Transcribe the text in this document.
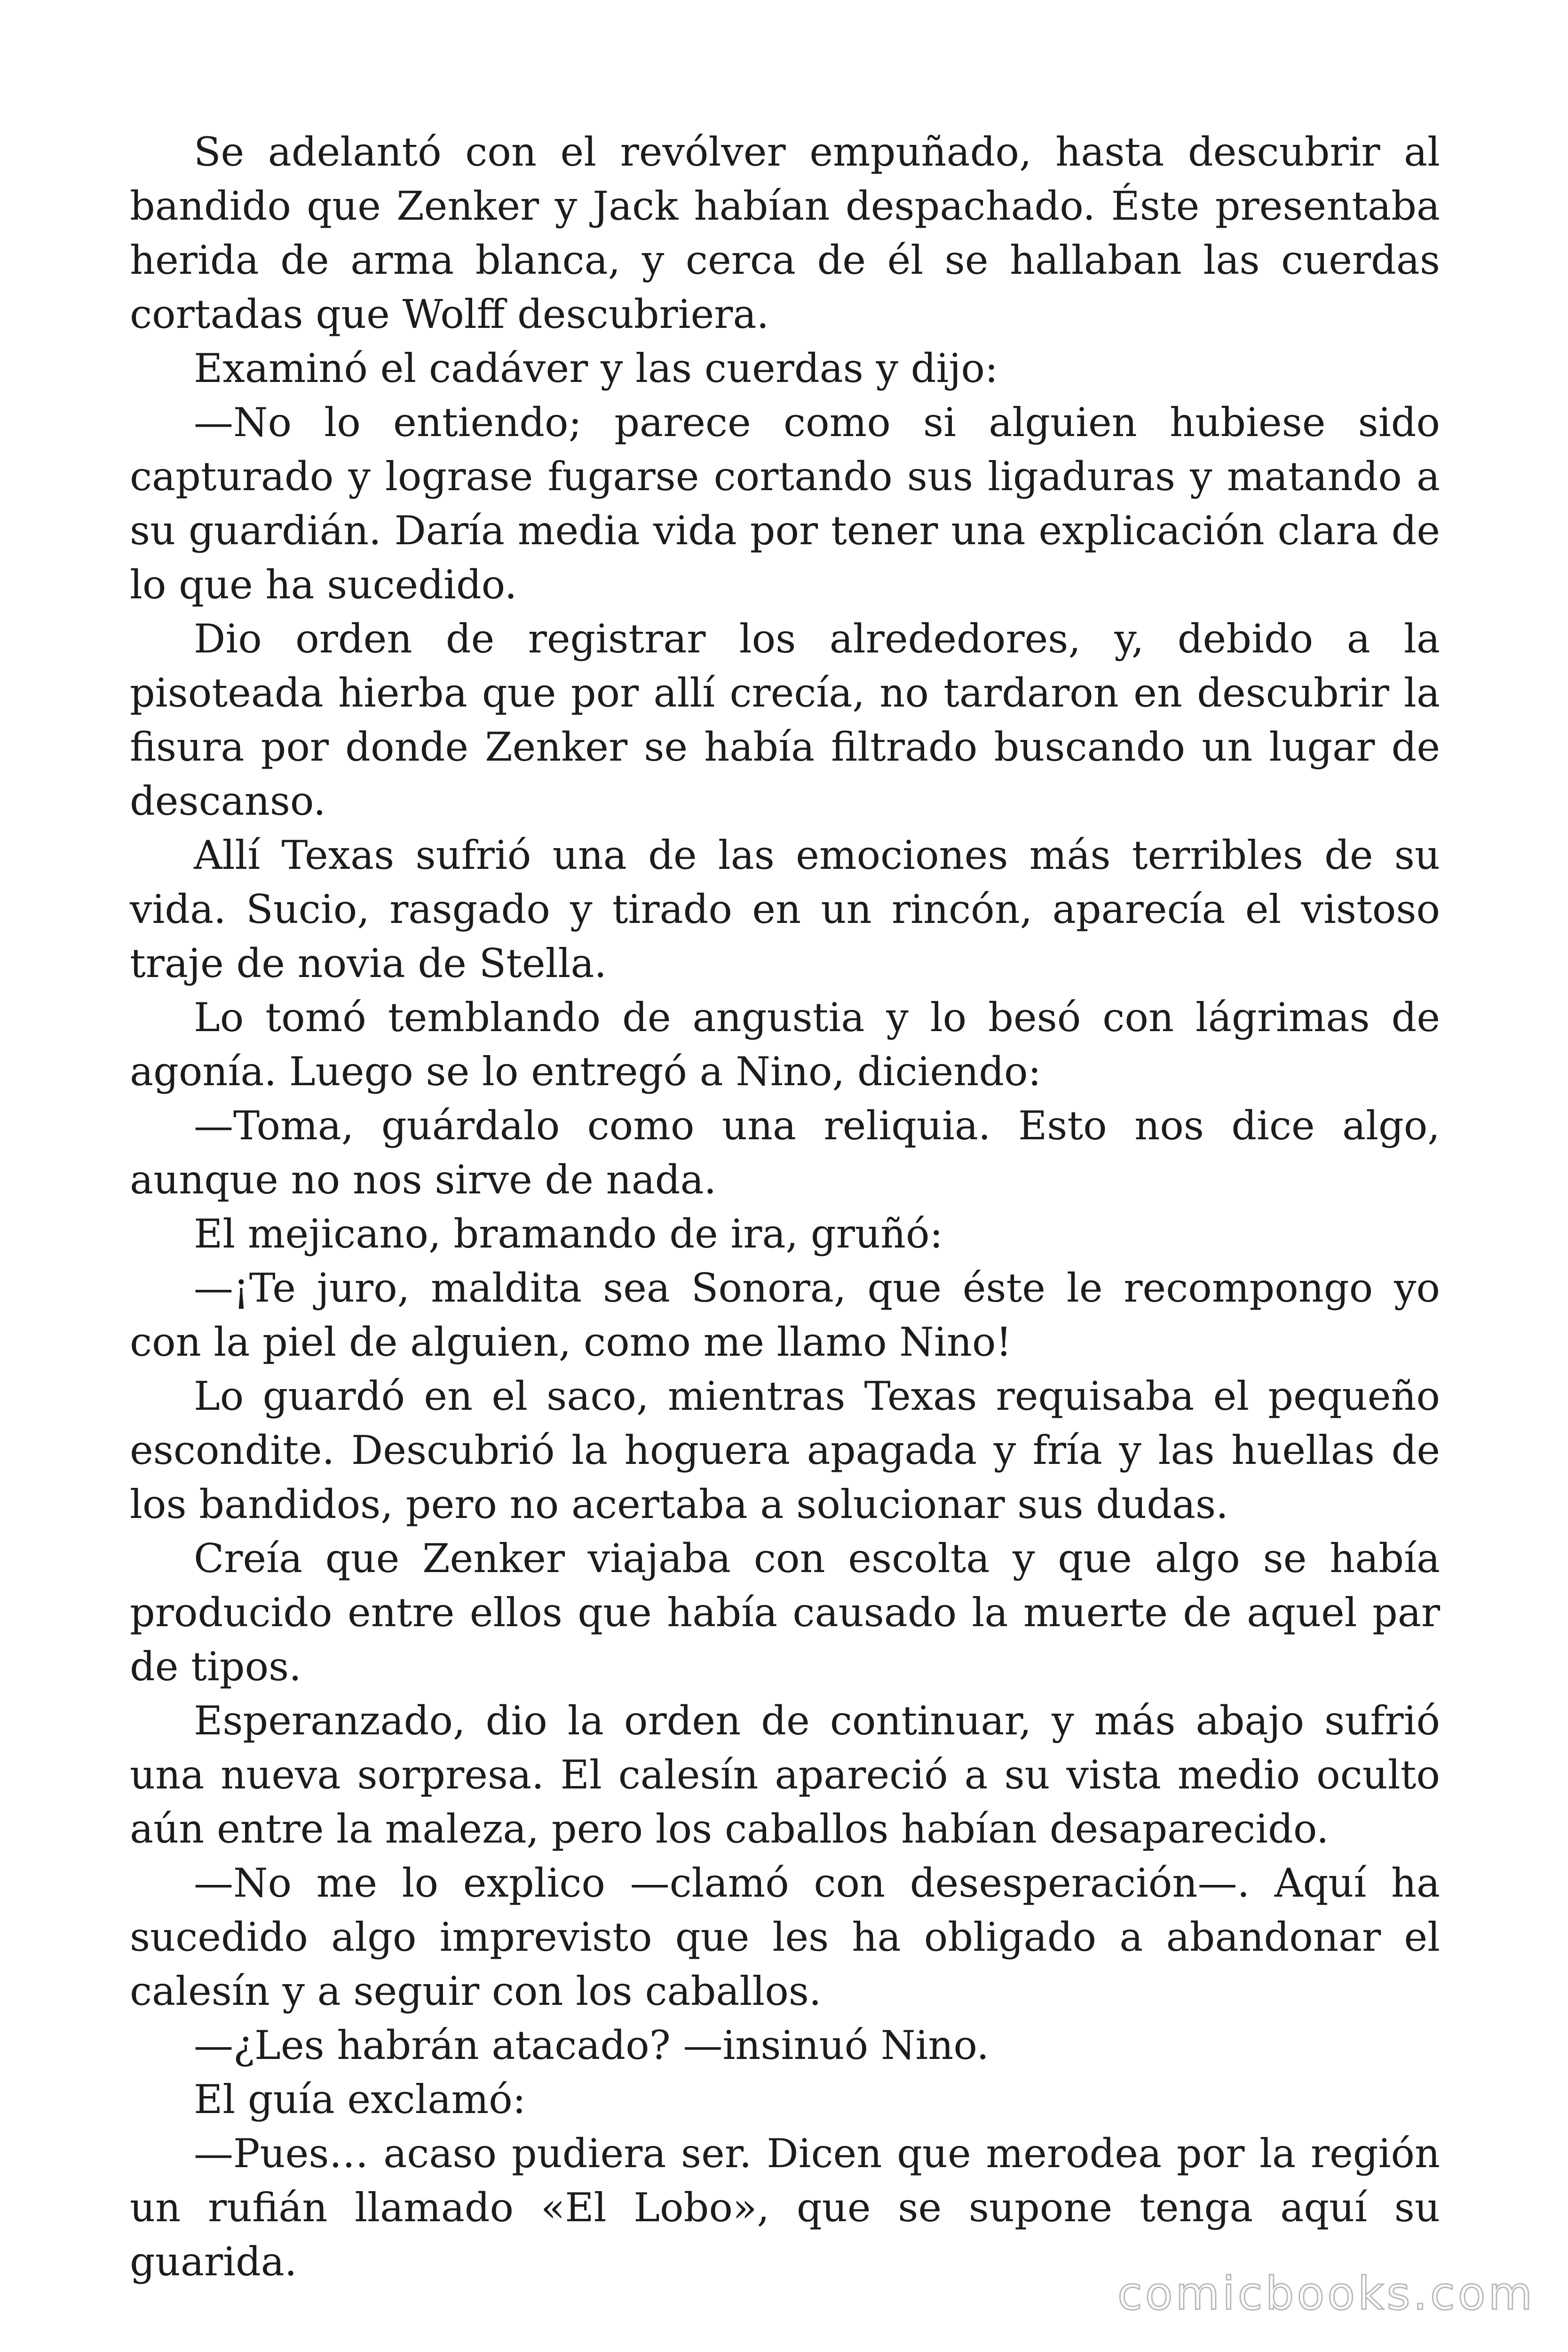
Se adelantó con el revólver empuñado, hasta descubrir al bandido que Zenker y Jack habían despachado. Éste presentaba herida de arma blanca, y cerca de él se hallaban las cuerdas cortadas que Wolff descubriera.

Examinó el cadáver y las cuerdas y dijo:

—No lo entiendo; parece como si alguien hubiese sido capturado y lograse fugarse cortando sus ligaduras y matando a su guardián. Daría media vida por tener una explicación clara de lo que ha sucedido.

Dio orden de registrar los alrededores, y, debido a la pisoteada hierba que por allí crecía, no tardaron en descubrir la fisura por donde Zenker se había filtrado buscando un lugar de descanso.

Allí Texas sufrió una de las emociones más terribles de su vida. Sucio, rasgado y tirado en un rincón, aparecía el vistoso traje de novia de Stella.

Lo tomó temblando de angustia y lo besó con lágrimas de agonía. Luego se lo entregó a Nino, diciendo:

—Toma, guárdalo como una reliquia. Esto nos dice algo, aunque no nos sirve de nada.

El mejicano, bramando de ira, gruñó:

—¡Te juro, maldita sea Sonora, que éste le recompongo yo con la piel de alguien, como me llamo Nino!

Lo guardó en el saco, mientras Texas requisaba el pequeño escondite. Descubrió la hoguera apagada y fría y las huellas de los bandidos, pero no acertaba a solucionar sus dudas.

Creía que Zenker viajaba con escolta y que algo se había producido entre ellos que había causado la muerte de aquel par de tipos.

Esperanzado, dio la orden de continuar, y más abajo sufrió una nueva sorpresa. El calesín apareció a su vista medio oculto aún entre la maleza, pero los caballos habían desaparecido.

—No me lo explico —clamó con desesperación—. Aquí ha sucedido algo imprevisto que les ha obligado a abandonar el calesín y a seguir con los caballos.

—¿Les habrán atacado? —insinuó Nino.

El guía exclamó:

—Pues… acaso pudiera ser. Dicen que merodea por la región un rufián llamado «El Lobo», que se supone tenga aquí su guarida.

comicbooks.com
